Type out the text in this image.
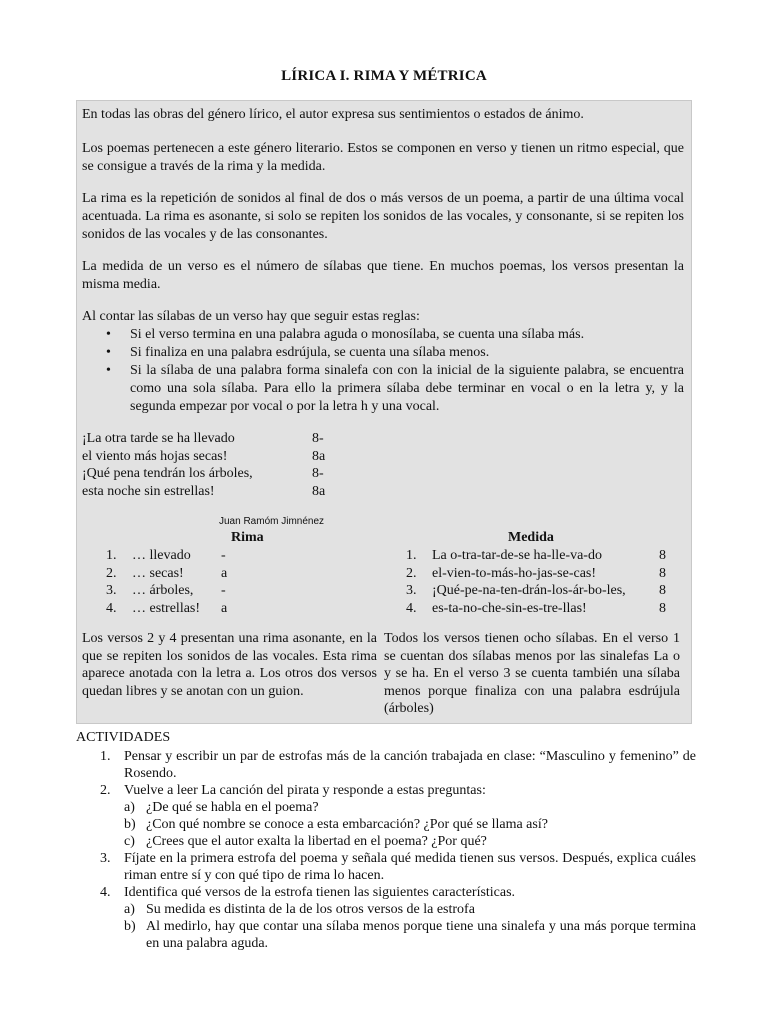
LÍRICA I. RIMA Y MÉTRICA
En todas las obras del género lírico, el autor expresa sus sentimientos o estados de ánimo.
Los poemas pertenecen a este género literario. Estos se componen en verso y tienen un ritmo especial, que se consigue a través de la rima y la medida.
La rima es la repetición de sonidos al final de dos o más versos de un poema, a partir de una última vocal acentuada. La rima es asonante, si solo se repiten los sonidos de las vocales, y consonante, si se repiten los sonidos de las vocales y de las consonantes.
La medida de un verso es el número de sílabas que tiene. En muchos poemas, los versos presentan la misma media.
Al contar las sílabas de un verso hay que seguir estas reglas:
• Si el verso termina en una palabra aguda o monosílaba, se cuenta una sílaba más.
• Si finaliza en una palabra esdrújula, se cuenta una sílaba menos.
• Si la sílaba de una palabra forma sinalefa con con la inicial de la siguiente palabra, se encuentra como una sola sílaba. Para ello la primera sílaba debe terminar en vocal o en la letra y, y la segunda empezar por vocal o por la letra h y una vocal.
¡La otra tarde se ha llevado	8-
el viento más hojas secas!	8a
¡Qué pena tendrán los árboles,	8-
esta noche sin estrellas!	8a
Juan Ramóm Jimnénez
Rima	Medida
1. … llevado -
2. … secas!	a
3. … árboles, -
4. … estrellas! a
1. La o-tra-tar-de-se ha-lle-va-do	8
2. el-vien-to-más-ho-jas-se-cas!	8
3. ¡Qué-pe-na-ten-drán-los-ár-bo-les, 8
4. es-ta-no-che-sin-es-tre-llas!	8
Los versos 2 y 4 presentan una rima asonante, en la que se repiten los sonidos de las vocales. Esta rima aparece anotada con la letra a. Los otros dos versos quedan libres y se anotan con un guion.
Todos los versos tienen ocho sílabas. En el verso 1 se cuentan dos sílabas menos por las sinalefas La o y se ha. En el verso 3 se cuenta también una sílaba menos porque finaliza con una palabra esdrújula (árboles)
ACTIVIDADES
1. Pensar y escribir un par de estrofas más de la canción trabajada en clase: “Masculino y femenino” de Rosendo.
2. Vuelve a leer La canción del pirata y responde a estas preguntas:
a) ¿De qué se habla en el poema?
b) ¿Con qué nombre se conoce a esta embarcación? ¿Por qué se llama así?
c) ¿Crees que el autor exalta la libertad en el poema? ¿Por qué?
3. Fíjate en la primera estrofa del poema y señala qué medida tienen sus versos. Después, explica cuáles riman entre sí y con qué tipo de rima lo hacen.
4. Identifica qué versos de la estrofa tienen las siguientes características.
a) Su medida es distinta de la de los otros versos de la estrofa
b) Al medirlo, hay que contar una sílaba menos porque tiene una sinalefa y una más porque termina en una palabra aguda.
